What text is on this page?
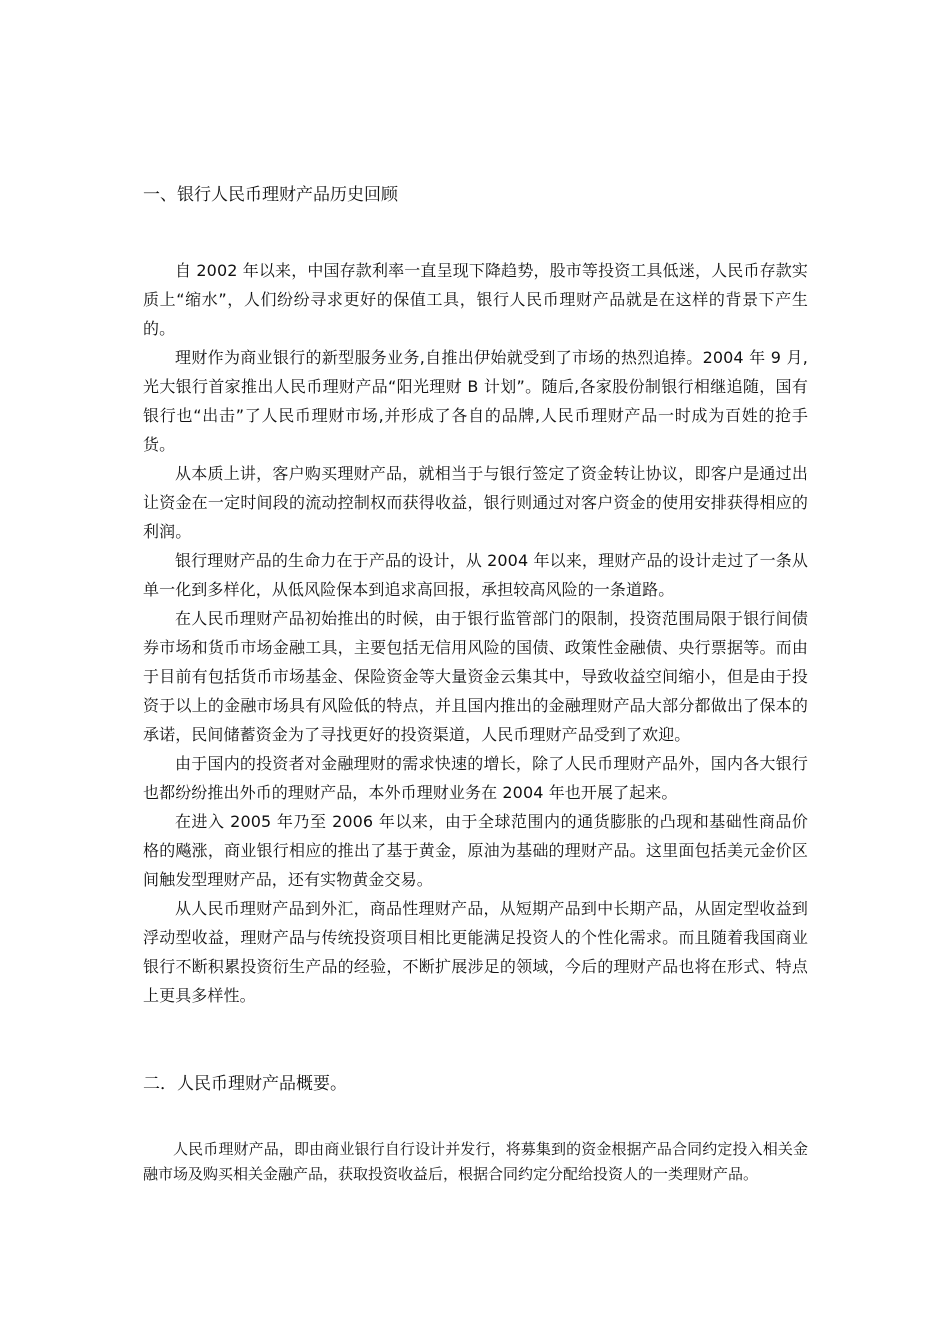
一、银行人民币理财产品历史回顾

自 2002 年以来，中国存款利率一直呈现下降趋势，股市等投资工具低迷，人民币存款实质上“缩水”，人们纷纷寻求更好的保值工具，银行人民币理财产品就是在这样的背景下产生的。

理财作为商业银行的新型服务业务,自推出伊始就受到了市场的热烈追捧。2004 年 9 月,光大银行首家推出人民币理财产品“阳光理财 B 计划”。随后,各家股份制银行相继追随，国有银行也“出击”了人民币理财市场,并形成了各自的品牌,人民币理财产品一时成为百姓的抢手货。

从本质上讲，客户购买理财产品，就相当于与银行签定了资金转让协议，即客户是通过出让资金在一定时间段的流动控制权而获得收益，银行则通过对客户资金的使用安排获得相应的利润。

银行理财产品的生命力在于产品的设计，从 2004 年以来，理财产品的设计走过了一条从单一化到多样化，从低风险保本到追求高回报，承担较高风险的一条道路。

在人民币理财产品初始推出的时候，由于银行监管部门的限制，投资范围局限于银行间债券市场和货币市场金融工具，主要包括无信用风险的国债、政策性金融债、央行票据等。而由于目前有包括货币市场基金、保险资金等大量资金云集其中，导致收益空间缩小，但是由于投资于以上的金融市场具有风险低的特点，并且国内推出的金融理财产品大部分都做出了保本的承诺，民间储蓄资金为了寻找更好的投资渠道，人民币理财产品受到了欢迎。

由于国内的投资者对金融理财的需求快速的增长，除了人民币理财产品外，国内各大银行也都纷纷推出外币的理财产品，本外币理财业务在 2004 年也开展了起来。

在进入 2005 年乃至 2006 年以来，由于全球范围内的通货膨胀的凸现和基础性商品价格的飚涨，商业银行相应的推出了基于黄金，原油为基础的理财产品。这里面包括美元金价区间触发型理财产品，还有实物黄金交易。

从人民币理财产品到外汇，商品性理财产品，从短期产品到中长期产品，从固定型收益到浮动型收益，理财产品与传统投资项目相比更能满足投资人的个性化需求。而且随着我国商业银行不断积累投资衍生产品的经验，不断扩展涉足的领域，今后的理财产品也将在形式、特点上更具多样性。

二．人民币理财产品概要。

人民币理财产品，即由商业银行自行设计并发行，将募集到的资金根据产品合同约定投入相关金融市场及购买相关金融产品，获取投资收益后，根据合同约定分配给投资人的一类理财产品。
